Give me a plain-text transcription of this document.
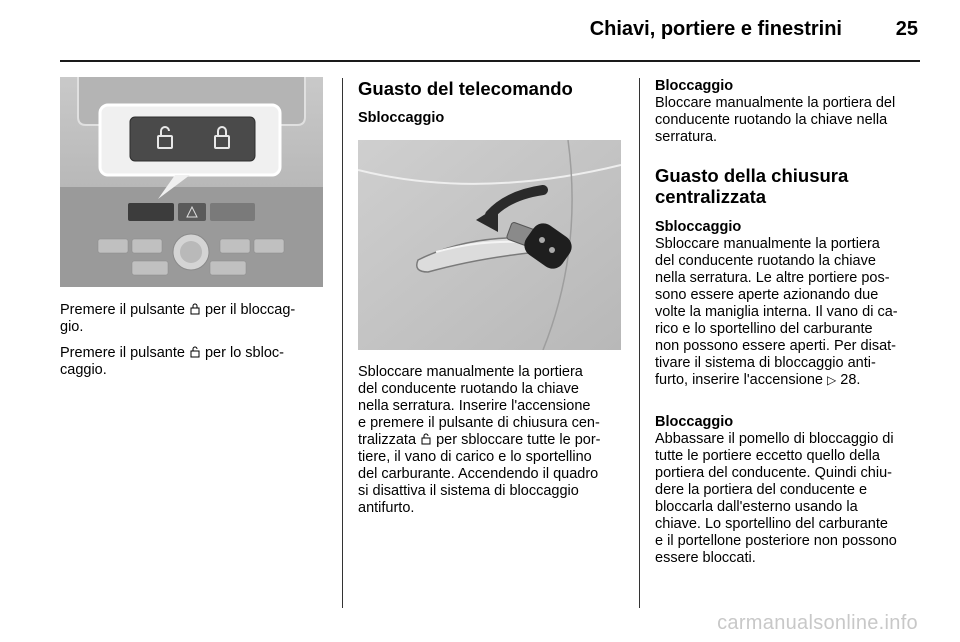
Chiavi, portiere e finestrini	25
Premere il pulsante  per il bloccag-
gio.
Premere il pulsante  per lo sbloc-
caggio.
Guasto del telecomando
Sbloccaggio
Sbloccare manualmente la portiera
del conducente ruotando la chiave
nella serratura. Inserire l'accensione
e premere il pulsante di chiusura cen-
tralizzata  per sbloccare tutte le por-
tiere, il vano di carico e lo sportellino
del carburante. Accendendo il quadro
si disattiva il sistema di bloccaggio
antifurto.
Bloccaggio
Bloccare manualmente la portiera del
conducente ruotando la chiave nella
serratura.
Guasto della chiusura
centralizzata
Sbloccaggio
Sbloccare manualmente la portiera
del conducente ruotando la chiave
nella serratura. Le altre portiere pos-
sono essere aperte azionando due
volte la maniglia interna. Il vano di ca-
rico e lo sportellino del carburante
non possono essere aperti. Per disat-
tivare il sistema di bloccaggio anti-
furto, inserire l'accensione ▷ 28.
Bloccaggio
Abbassare il pomello di bloccaggio di
tutte le portiere eccetto quello della
portiera del conducente. Quindi chiu-
dere la portiera del conducente e
bloccarla dall'esterno usando la
chiave. Lo sportellino del carburante
e il portellone posteriore non possono
essere bloccati.
carmanualsonline.info
